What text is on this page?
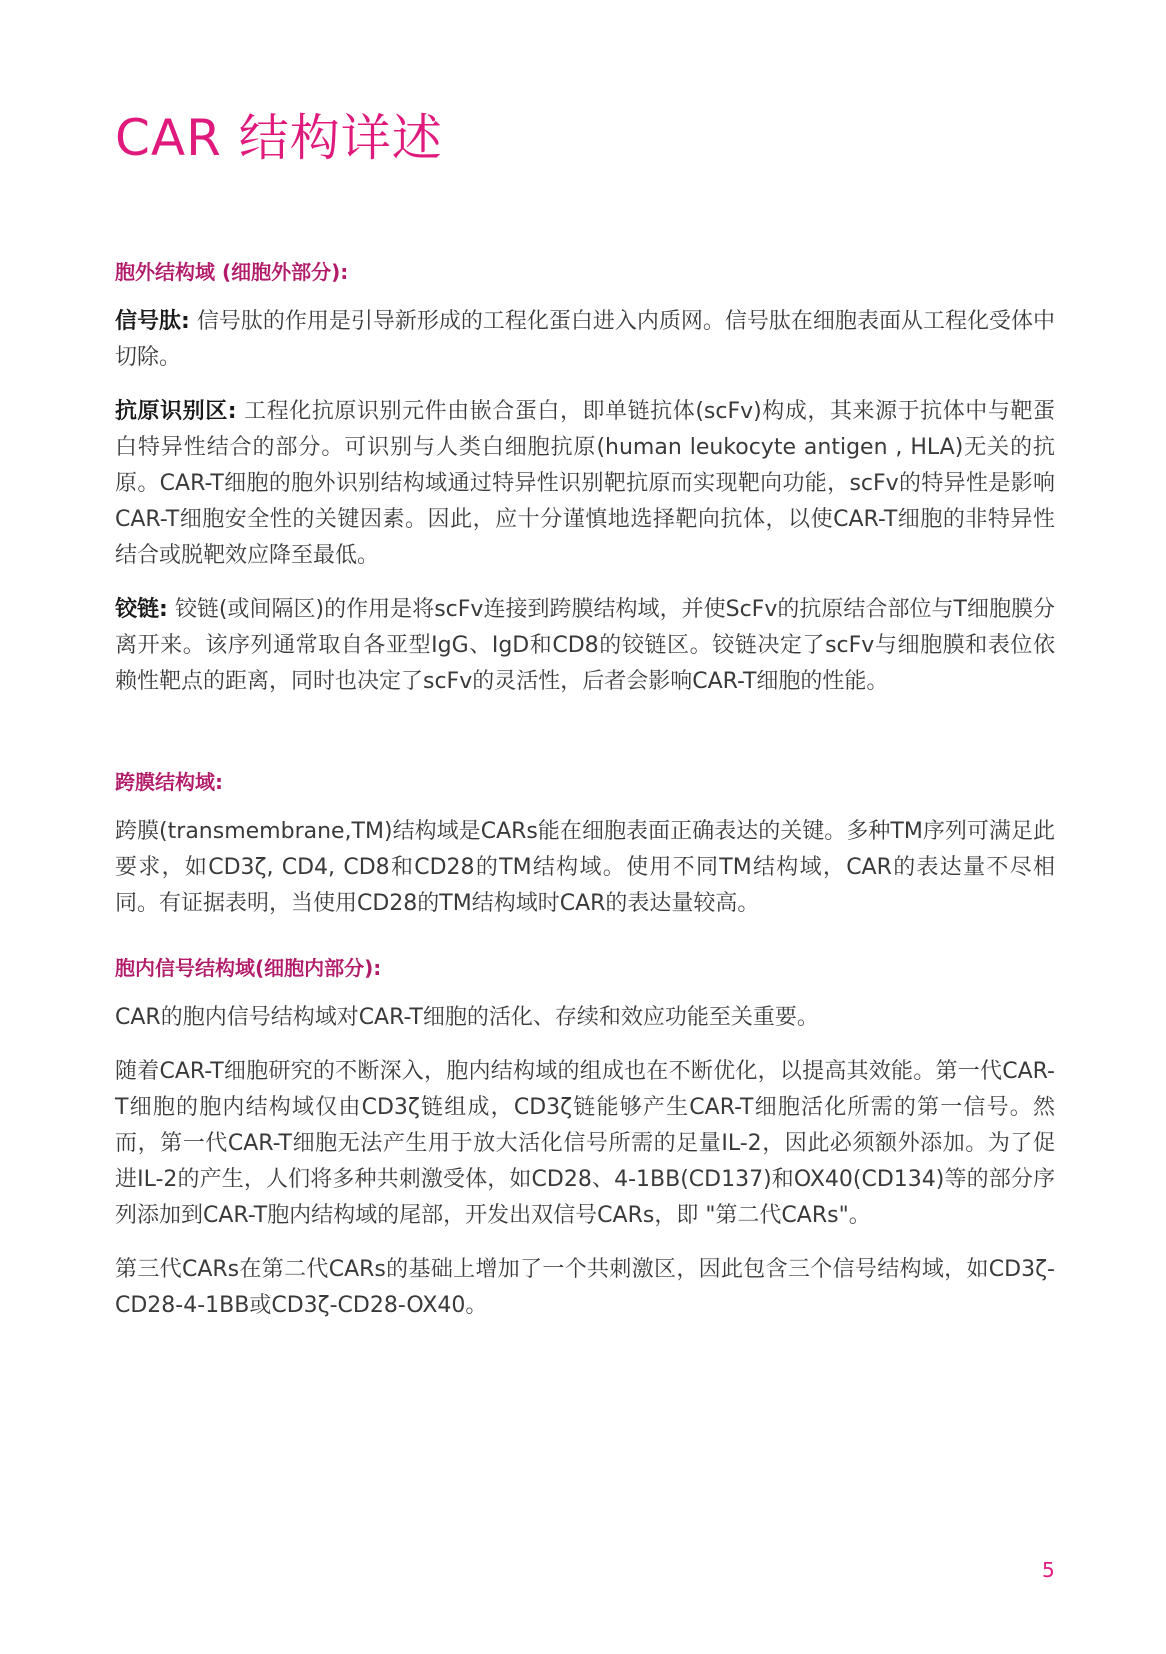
CAR 结构详述
胞外结构域 (细胞外部分):

信号肽: 信号肽的作用是引导新形成的工程化蛋白进入内质网。信号肽在细胞表面从工程化受体中切除。

抗原识别区: 工程化抗原识别元件由嵌合蛋白，即单链抗体(scFv)构成，其来源于抗体中与靶蛋白特异性结合的部分。可识别与人类白细胞抗原(human leukocyte antigen , HLA)无关的抗原。CAR-T细胞的胞外识别结构域通过特异性识别靶抗原而实现靶向功能，scFv的特异性是影响CAR-T细胞安全性的关键因素。因此，应十分谨慎地选择靶向抗体，以使CAR-T细胞的非特异性结合或脱靶效应降至最低。

铰链: 铰链(或间隔区)的作用是将scFv连接到跨膜结构域，并使ScFv的抗原结合部位与T细胞膜分离开来。该序列通常取自各亚型IgG、IgD和CD8的铰链区。铰链决定了scFv与细胞膜和表位依赖性靶点的距离，同时也决定了scFv的灵活性，后者会影响CAR-T细胞的性能。

跨膜结构域:

跨膜(transmembrane,TM)结构域是CARs能在细胞表面正确表达的关键。多种TM序列可满足此要求，如CD3ζ, CD4, CD8和CD28的TM结构域。使用不同TM结构域，CAR的表达量不尽相同。有证据表明，当使用CD28的TM结构域时CAR的表达量较高。

胞内信号结构域(细胞内部分):

CAR的胞内信号结构域对CAR-T细胞的活化、存续和效应功能至关重要。

随着CAR-T细胞研究的不断深入，胞内结构域的组成也在不断优化，以提高其效能。第一代CAR-T细胞的胞内结构域仅由CD3ζ链组成，CD3ζ链能够产生CAR-T细胞活化所需的第一信号。然而，第一代CAR-T细胞无法产生用于放大活化信号所需的足量IL-2，因此必须额外添加。为了促进IL-2的产生，人们将多种共刺激受体，如CD28、4-1BB(CD137)和OX40(CD134)等的部分序列添加到CAR-T胞内结构域的尾部，开发出双信号CARs，即 "第二代CARs"。

第三代CARs在第二代CARs的基础上增加了一个共刺激区，因此包含三个信号结构域，如CD3ζ-CD28-4-1BB或CD3ζ-CD28-OX40。

5
